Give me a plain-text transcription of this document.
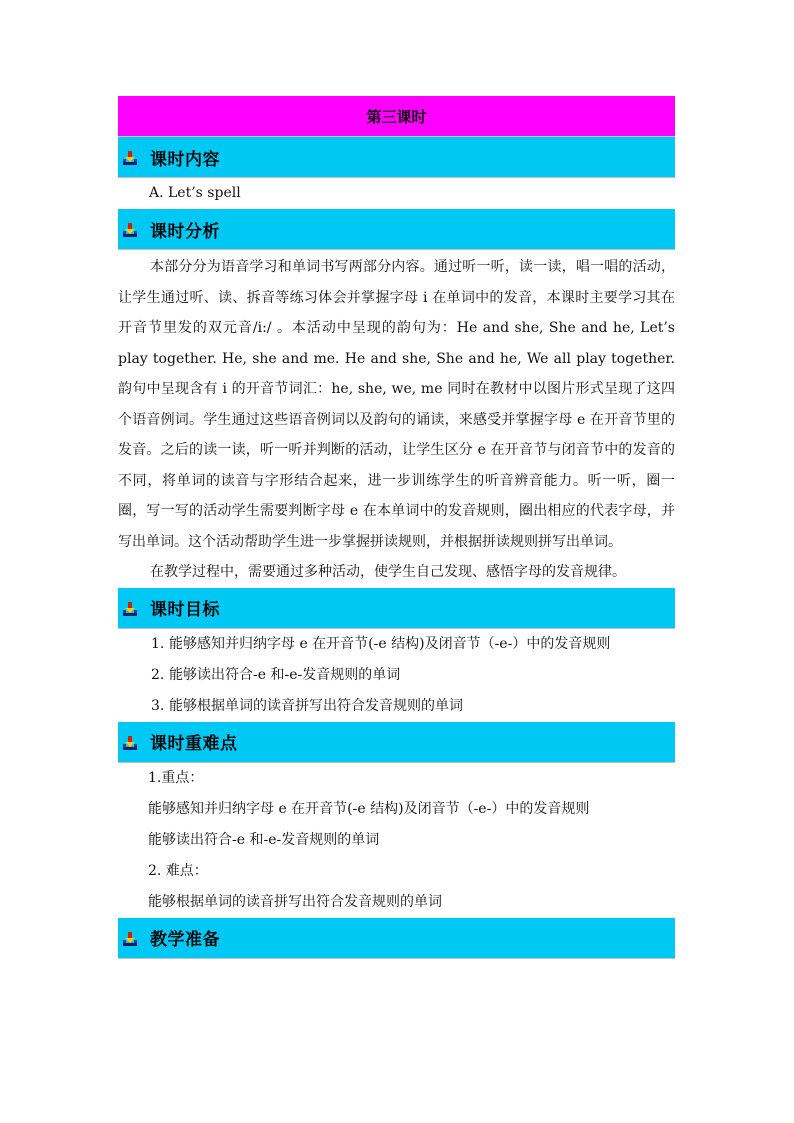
第三课时
课时内容
A. Let’s spell
课时分析

本部分分为语音学习和单词书写两部分内容。通过听一听，读一读，唱一唱的活动，让学生通过听、读、拆音等练习体会并掌握字母 i 在单词中的发音，本课时主要学习其在开音节里发的双元音/i:/ 。本活动中呈现的韵句为：He and she, She and he, Let’s play together. He, she and me. He and she, She and he, We all play together. 韵句中呈现含有 i 的开音节词汇：he, she, we, me 同时在教材中以图片形式呈现了这四个语音例词。学生通过这些语音例词以及韵句的诵读，来感受并掌握字母 e 在开音节里的发音。之后的读一读，听一听并判断的活动，让学生区分 e 在开音节与闭音节中的发音的不同，将单词的读音与字形结合起来，进一步训练学生的听音辨音能力。听一听，圈一圈，写一写的活动学生需要判断字母 e 在本单词中的发音规则，圈出相应的代表字母，并写出单词。这个活动帮助学生进一步掌握拼读规则，并根据拼读规则拼写出单词。

在教学过程中，需要通过多种活动，使学生自己发现、感悟字母的发音规律。

课时目标
1. 能够感知并归纳字母 e 在开音节(-e 结构)及闭音节（-e-）中的发音规则
2. 能够读出符合-e 和-e-发音规则的单词
3. 能够根据单词的读音拼写出符合发音规则的单词
课时重难点
1.重点：
能够感知并归纳字母 e 在开音节(-e 结构)及闭音节（-e-）中的发音规则
能够读出符合-e 和-e-发音规则的单词
2. 难点：
能够根据单词的读音拼写出符合发音规则的单词
教学准备
